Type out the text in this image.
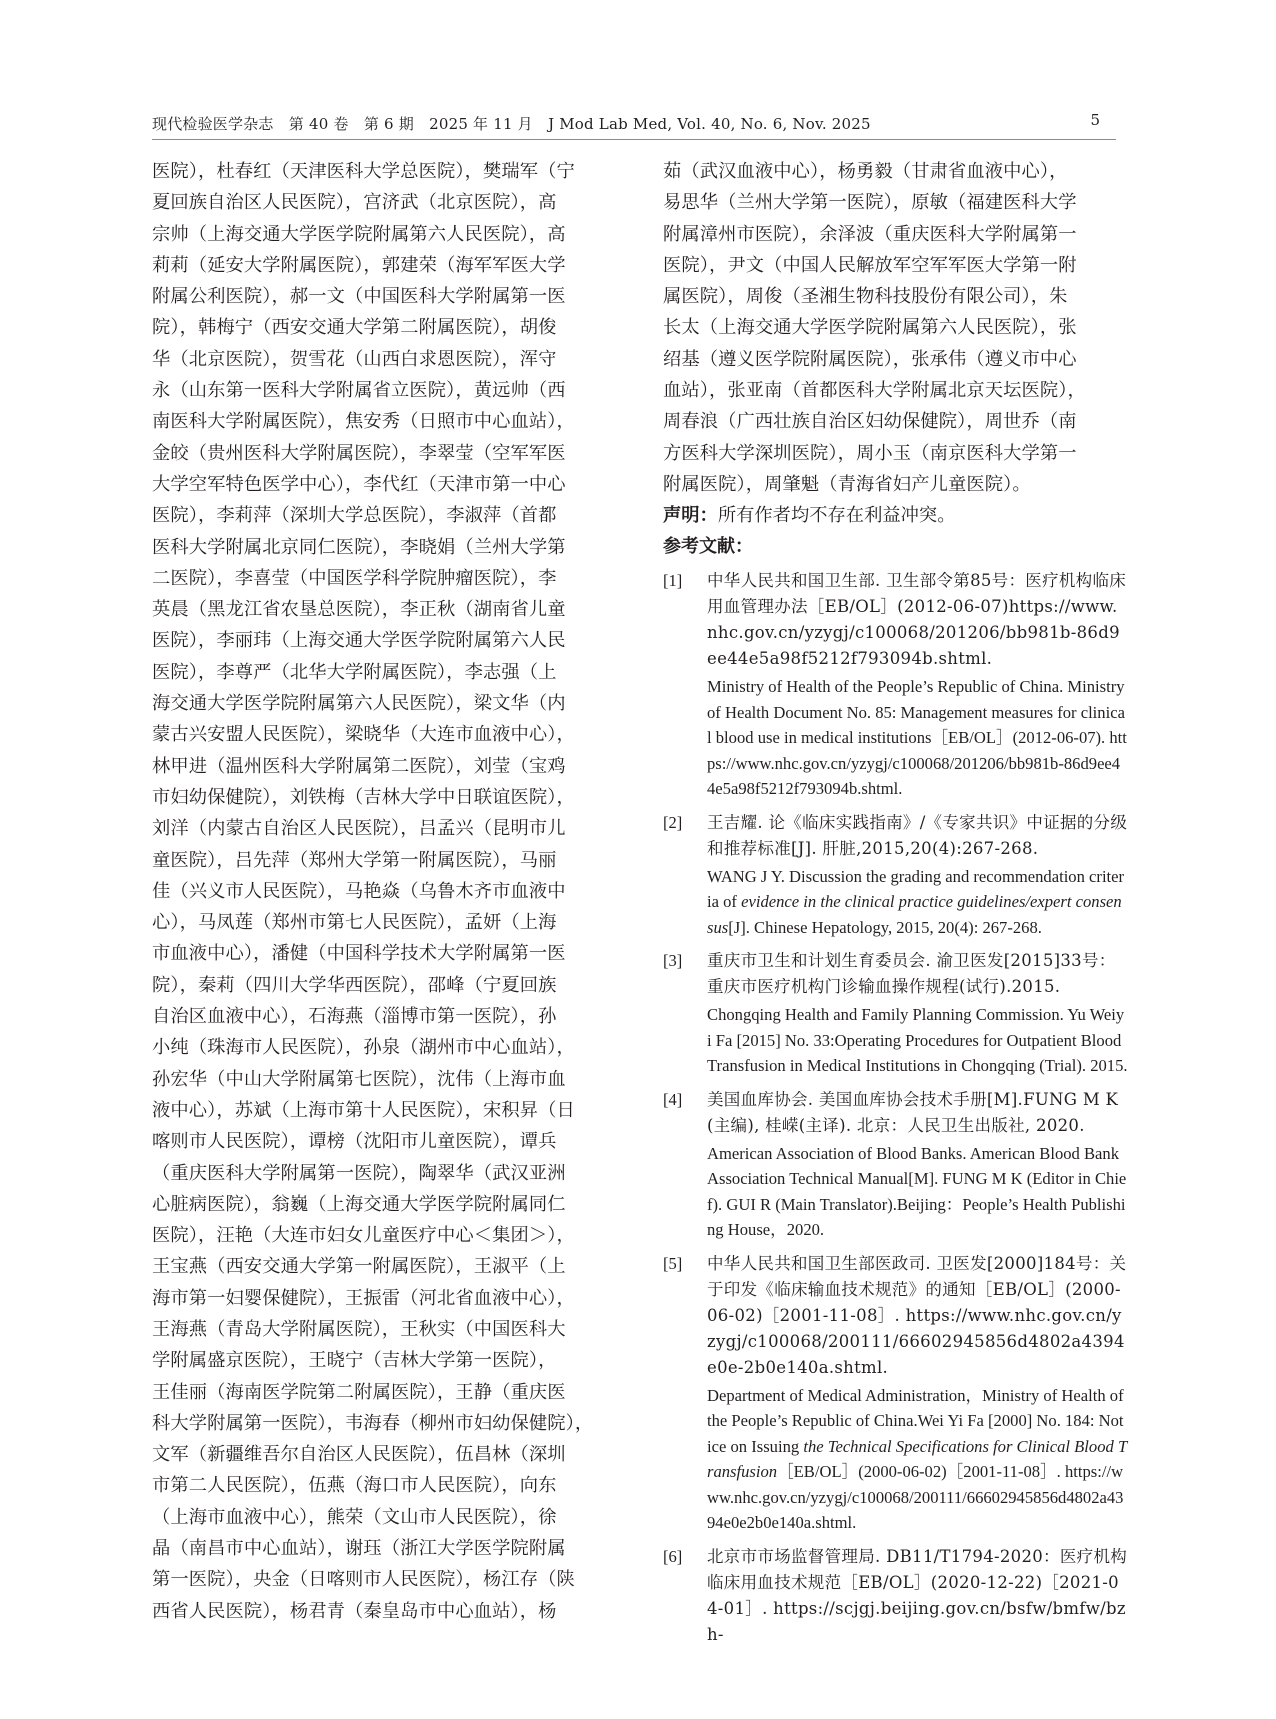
现代检验医学杂志　第 40 卷　第 6 期　2025 年 11 月　J Mod Lab Med, Vol. 40, No. 6, Nov. 2025	5

医院），杜春红（天津医科大学总医院），樊瑞军（宁
夏回族自治区人民医院），宫济武（北京医院），高
宗帅（上海交通大学医学院附属第六人民医院），高
莉莉（延安大学附属医院），郭建荣（海军军医大学
附属公利医院），郝一文（中国医科大学附属第一医
院），韩梅宁（西安交通大学第二附属医院），胡俊
华（北京医院），贺雪花（山西白求恩医院），浑守
永（山东第一医科大学附属省立医院），黄远帅（西
南医科大学附属医院），焦安秀（日照市中心血站），
金皎（贵州医科大学附属医院），李翠莹（空军军医
大学空军特色医学中心），李代红（天津市第一中心
医院），李莉萍（深圳大学总医院），李淑萍（首都
医科大学附属北京同仁医院），李晓娟（兰州大学第
二医院），李喜莹（中国医学科学院肿瘤医院），李
英晨（黑龙江省农垦总医院），李正秋（湖南省儿童
医院），李丽玮（上海交通大学医学院附属第六人民
医院），李尊严（北华大学附属医院），李志强（上
海交通大学医学院附属第六人民医院），梁文华（内
蒙古兴安盟人民医院），梁晓华（大连市血液中心），
林甲进（温州医科大学附属第二医院），刘莹（宝鸡
市妇幼保健院），刘铁梅（吉林大学中日联谊医院），
刘洋（内蒙古自治区人民医院），吕孟兴（昆明市儿
童医院），吕先萍（郑州大学第一附属医院），马丽
佳（兴义市人民医院），马艳焱（乌鲁木齐市血液中
心），马凤莲（郑州市第七人民医院），孟妍（上海
市血液中心），潘健（中国科学技术大学附属第一医
院），秦莉（四川大学华西医院），邵峰（宁夏回族
自治区血液中心），石海燕（淄博市第一医院），孙
小纯（珠海市人民医院），孙泉（湖州市中心血站），
孙宏华（中山大学附属第七医院），沈伟（上海市血
液中心），苏斌（上海市第十人民医院），宋积昇（日
喀则市人民医院），谭榜（沈阳市儿童医院），谭兵
（重庆医科大学附属第一医院），陶翠华（武汉亚洲
心脏病医院），翁巍（上海交通大学医学院附属同仁
医院），汪艳（大连市妇女儿童医疗中心＜集团＞），
王宝燕（西安交通大学第一附属医院），王淑平（上
海市第一妇婴保健院），王振雷（河北省血液中心），
王海燕（青岛大学附属医院），王秋实（中国医科大
学附属盛京医院），王晓宁（吉林大学第一医院），
王佳丽（海南医学院第二附属医院），王静（重庆医
科大学附属第一医院），韦海春（柳州市妇幼保健院），
文军（新疆维吾尔自治区人民医院），伍昌林（深圳
市第二人民医院），伍燕（海口市人民医院），向东
（上海市血液中心），熊荣（文山市人民医院），徐
晶（南昌市中心血站），谢珏（浙江大学医学院附属
第一医院），央金（日喀则市人民医院），杨江存（陕
西省人民医院），杨君青（秦皇岛市中心血站），杨

茹（武汉血液中心），杨勇毅（甘肃省血液中心），
易思华（兰州大学第一医院），原敏（福建医科大学
附属漳州市医院），余泽波（重庆医科大学附属第一
医院），尹文（中国人民解放军空军军医大学第一附
属医院），周俊（圣湘生物科技股份有限公司），朱
长太（上海交通大学医学院附属第六人民医院），张
绍基（遵义医学院附属医院），张承伟（遵义市中心
血站），张亚南（首都医科大学附属北京天坛医院），
周春浪（广西壮族自治区妇幼保健院），周世乔（南
方医科大学深圳医院），周小玉（南京医科大学第一
附属医院），周肇魁（青海省妇产儿童医院）。

声明：所有作者均不存在利益冲突。

参考文献：

[1] 中华人民共和国卫生部. 卫生部令第85号：医疗机构临床用血管理办法［EB/OL］(2012-06-07)https://www.nhc.gov.cn/yzygj/c100068/201206/bb981b-86d9ee44e5a98f5212f793094b.shtml.

Ministry of Health of the People’s Republic of China. Ministry of Health Document No. 85: Management measures for clinical blood use in medical institutions［EB/OL］(2012-06-07). https://www.nhc.gov.cn/yzygj/c100068/201206/bb981b-86d9ee44e5a98f5212f793094b.shtml.

[2] 王吉耀. 论《临床实践指南》/《专家共识》中证据的分级和推荐标准[J]. 肝脏,2015,20(4):267-268.

WANG J Y. Discussion the grading and recommendation criteria of evidence in the clinical practice guidelines/expert consensus[J]. Chinese Hepatology, 2015, 20(4): 267-268.

[3] 重庆市卫生和计划生育委员会. 渝卫医发[2015]33号：重庆市医疗机构门诊输血操作规程(试行).2015.

Chongqing Health and Family Planning Commission. Yu Weiyi Fa [2015] No. 33:Operating Procedures for Outpatient Blood Transfusion in Medical Institutions in Chongqing (Trial). 2015.

[4] 美国血库协会. 美国血库协会技术手册[M].FUNG M K(主编), 桂嵘(主译). 北京：人民卫生出版社, 2020.

American Association of Blood Banks. American Blood Bank Association Technical Manual[M]. FUNG M K (Editor in Chief). GUI R (Main Translator).Beijing：People’s Health Publishing House，2020.

[5] 中华人民共和国卫生部医政司. 卫医发[2000]184号：关于印发《临床输血技术规范》的通知［EB/OL］(2000-06-02)［2001-11-08］. https://www.nhc.gov.cn/yzygj/c100068/200111/66602945856d4802a4394e0e-2b0e140a.shtml.

Department of Medical Administration，Ministry of Health of the People’s Republic of China.Wei Yi Fa [2000] No. 184: Notice on Issuing the Technical Specifications for Clinical Blood Transfusion［EB/OL］(2000-06-02)［2001-11-08］. https://www.nhc.gov.cn/yzygj/c100068/200111/66602945856d4802a4394e0e2b0e140a.shtml.

[6] 北京市市场监督管理局. DB11/T1794-2020：医疗机构临床用血技术规范［EB/OL］(2020-12-22)［2021-04-01］. https://scjgj.beijing.gov.cn/bsfw/bmfw/bzh-
